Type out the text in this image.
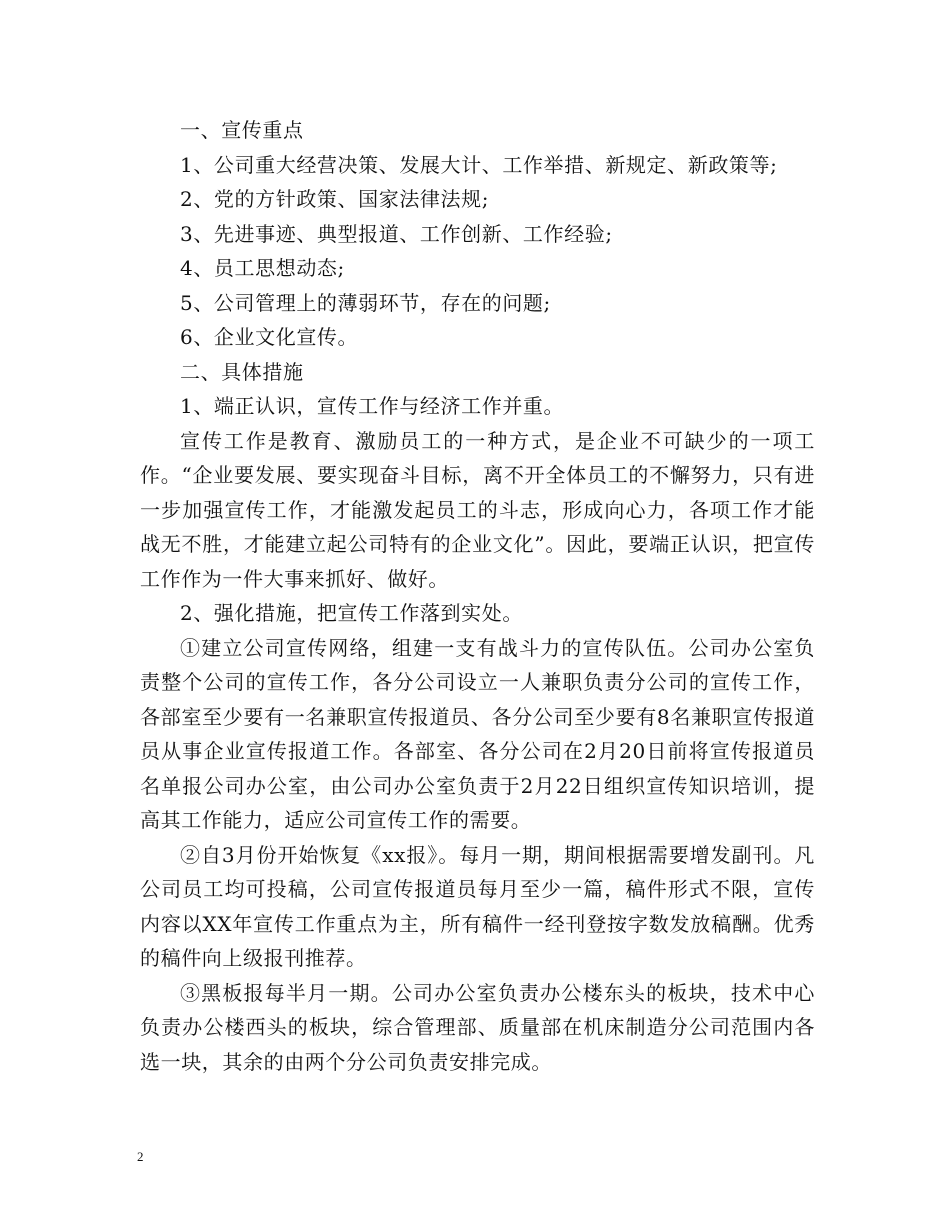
一、宣传重点

1、公司重大经营决策、发展大计、工作举措、新规定、新政策等;

2、党的方针政策、国家法律法规;

3、先进事迹、典型报道、工作创新、工作经验;

4、员工思想动态;

5、公司管理上的薄弱环节，存在的问题;

6、企业文化宣传。

二、具体措施

1、端正认识，宣传工作与经济工作并重。

宣传工作是教育、激励员工的一种方式，是企业不可缺少的一项工作。“企业要发展、要实现奋斗目标，离不开全体员工的不懈努力，只有进一步加强宣传工作，才能激发起员工的斗志，形成向心力，各项工作才能战无不胜，才能建立起公司特有的企业文化”。因此，要端正认识，把宣传工作作为一件大事来抓好、做好。

2、强化措施，把宣传工作落到实处。

①建立公司宣传网络，组建一支有战斗力的宣传队伍。公司办公室负责整个公司的宣传工作，各分公司设立一人兼职负责分公司的宣传工作，各部室至少要有一名兼职宣传报道员、各分公司至少要有8名兼职宣传报道员从事企业宣传报道工作。各部室、各分公司在2月20日前将宣传报道员名单报公司办公室，由公司办公室负责于2月22日组织宣传知识培训，提高其工作能力，适应公司宣传工作的需要。

②自3月份开始恢复《xx报》。每月一期，期间根据需要增发副刊。凡公司员工均可投稿，公司宣传报道员每月至少一篇，稿件形式不限，宣传内容以XX年宣传工作重点为主，所有稿件一经刊登按字数发放稿酬。优秀的稿件向上级报刊推荐。

③黑板报每半月一期。公司办公室负责办公楼东头的板块，技术中心负责办公楼西头的板块，综合管理部、质量部在机床制造分公司范围内各选一块，其余的由两个分公司负责安排完成。

2
